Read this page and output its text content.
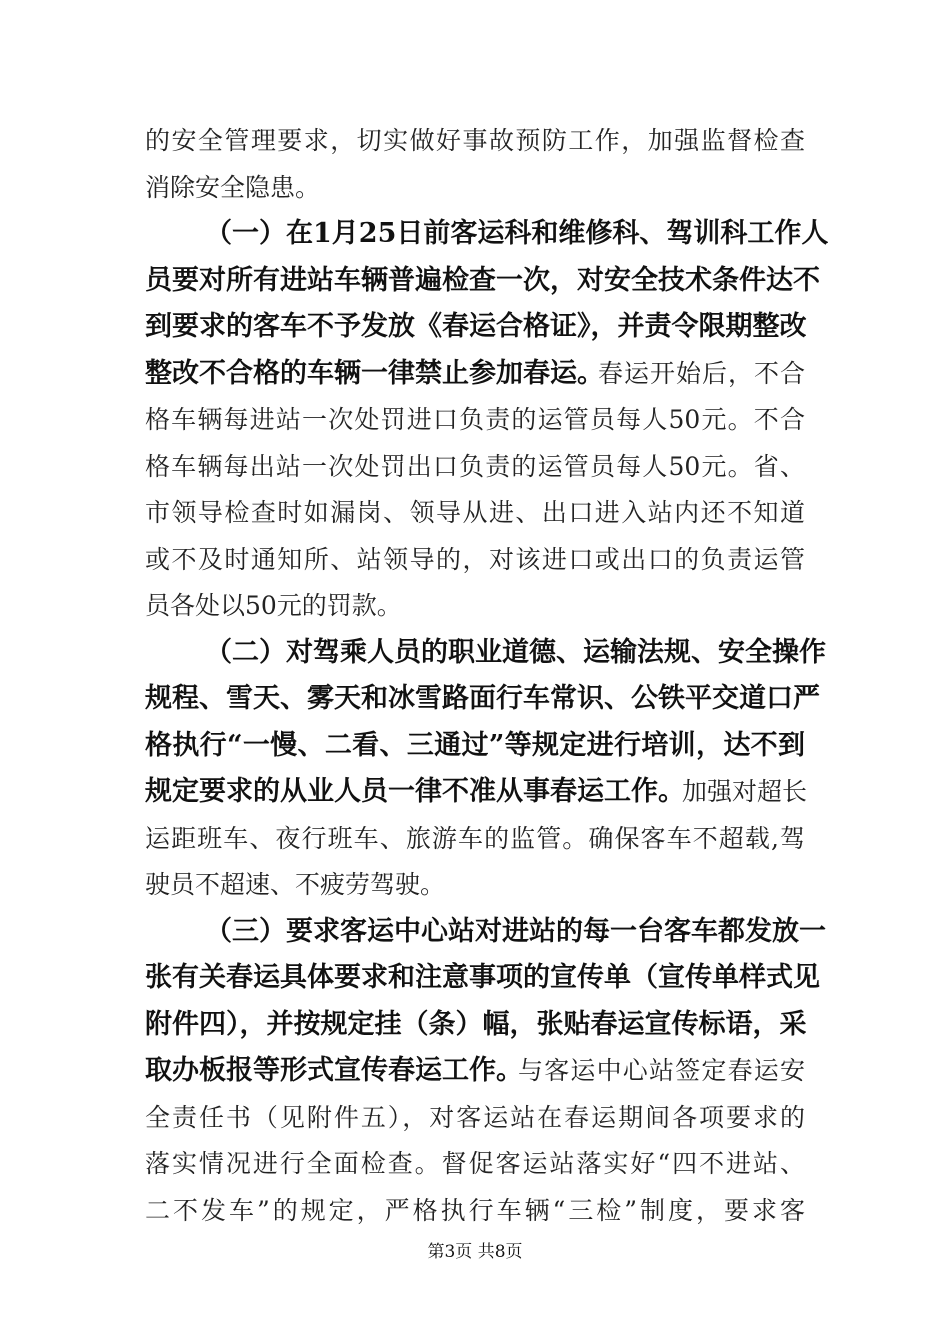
的安全管理要求，切实做好事故预防工作，加强监督检查
消除安全隐患。
（一）在1月25日前客运科和维修科、驾训科工作人
员要对所有进站车辆普遍检查一次，对安全技术条件达不
到要求的客车不予发放《春运合格证》，并责令限期整改
整改不合格的车辆一律禁止参加春运。
春运开始后，不合
格车辆每进站一次处罚进口负责的运管员每人50元。不合
格车辆每出站一次处罚出口负责的运管员每人50元。省、
市领导检查时如漏岗、领导从进、出口进入站内还不知道
或不及时通知所、站领导的，对该进口或出口的负责运管
员各处以50元的罚款。
（二）对驾乘人员的职业道德、运输法规、安全操作
规程、雪天、雾天和冰雪路面行车常识、公铁平交道口严
格执行“一慢、二看、三通过”等规定进行培训，达不到
规定要求的从业人员一律不准从事春运工作。
加强对超长
运距班车、夜行班车、旅游车的监管。确保客车不超载,驾
驶员不超速、不疲劳驾驶。
（三）要求客运中心站对进站的每一台客车都发放一
张有关春运具体要求和注意事项的宣传单（宣传单样式见
附件四），并按规定挂（条）幅，张贴春运宣传标语，采
取办板报等形式宣传春运工作。
与客运中心站签定春运安
全责任书（见附件五），对客运站在春运期间各项要求的
落实情况进行全面检查。督促客运站落实好“四不进站、
二不发车”的规定，严格执行车辆“三检”制度，要求客
第3页 共8页
